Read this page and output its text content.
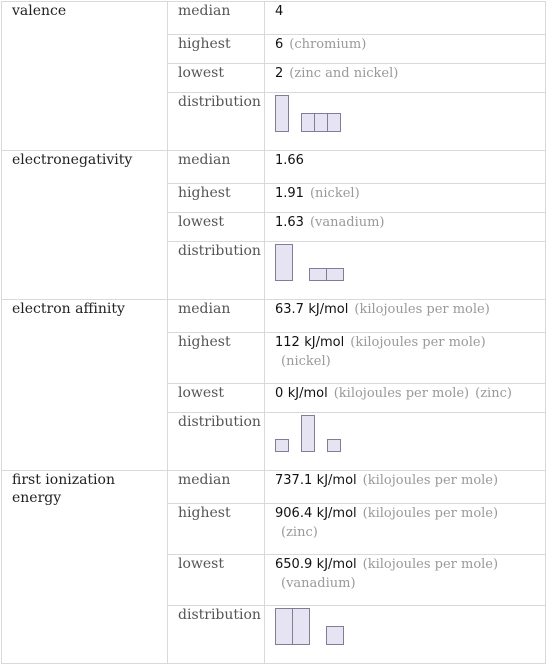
valence	median	4
	highest	6 (chromium)
	lowest	2 (zinc and nickel)
	distribution	

electronegativity	median	1.66
	highest	1.91 (nickel)
	lowest	1.63 (vanadium)
	distribution	

electron affinity	median	63.7 kJ/mol (kilojoules per mole)
	highest	112 kJ/mol (kilojoules per mole)
(nickel)
	lowest	0 kJ/mol (kilojoules per mole) (zinc)
	distribution	

first ionization energy	median	737.1 kJ/mol (kilojoules per mole)
	highest	906.4 kJ/mol (kilojoules per mole)
(zinc)
	lowest	650.9 kJ/mol (kilojoules per mole)
(vanadium)
	distribution	
